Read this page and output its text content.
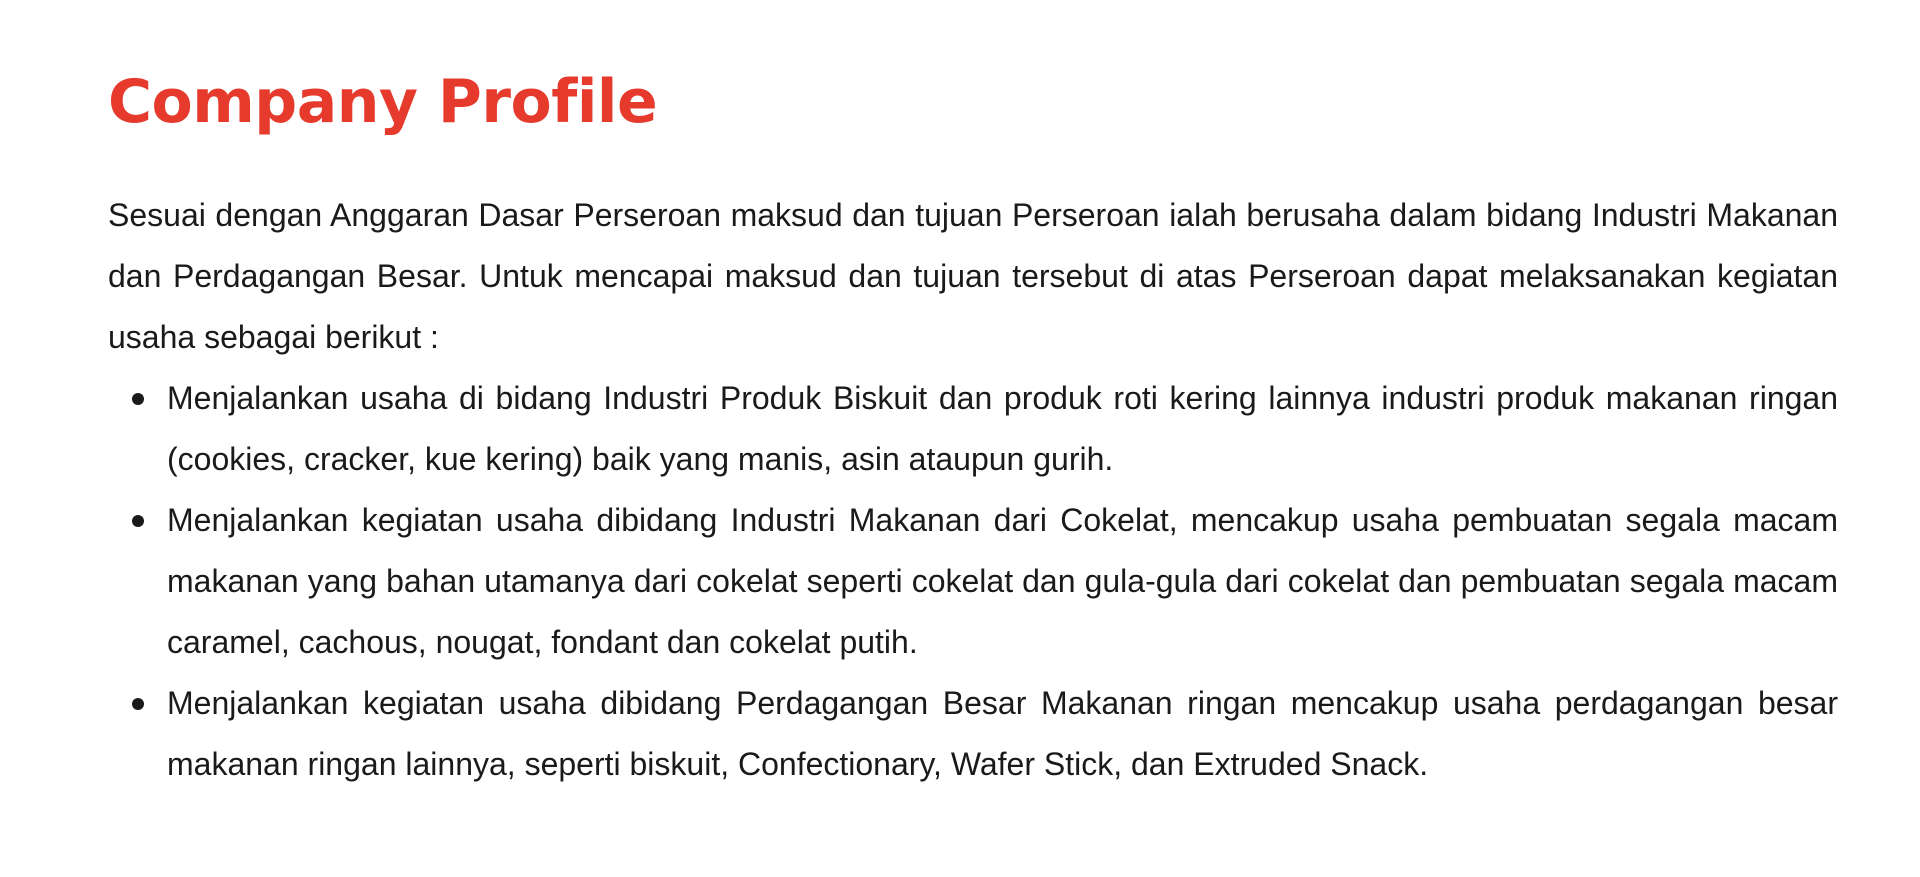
Company Profile

Sesuai dengan Anggaran Dasar Perseroan maksud dan tujuan Perseroan ialah berusaha dalam bidang Industri Makanan dan Perdagangan Besar. Untuk mencapai maksud dan tujuan tersebut di atas Perseroan dapat melaksanakan kegiatan usaha sebagai berikut :

Menjalankan usaha di bidang Industri Produk Biskuit dan produk roti kering lainnya industri produk makanan ringan (cookies, cracker, kue kering) baik yang manis, asin ataupun gurih.
Menjalankan kegiatan usaha dibidang Industri Makanan dari Cokelat, mencakup usaha pembuatan segala macam makanan yang bahan utamanya dari cokelat seperti cokelat dan gula-gula dari cokelat dan pembuatan segala macam caramel, cachous, nougat, fondant dan cokelat putih.
Menjalankan kegiatan usaha dibidang Perdagangan Besar Makanan ringan mencakup usaha perdagangan besar makanan ringan lainnya, seperti biskuit, Confectionary, Wafer Stick, dan Extruded Snack.
